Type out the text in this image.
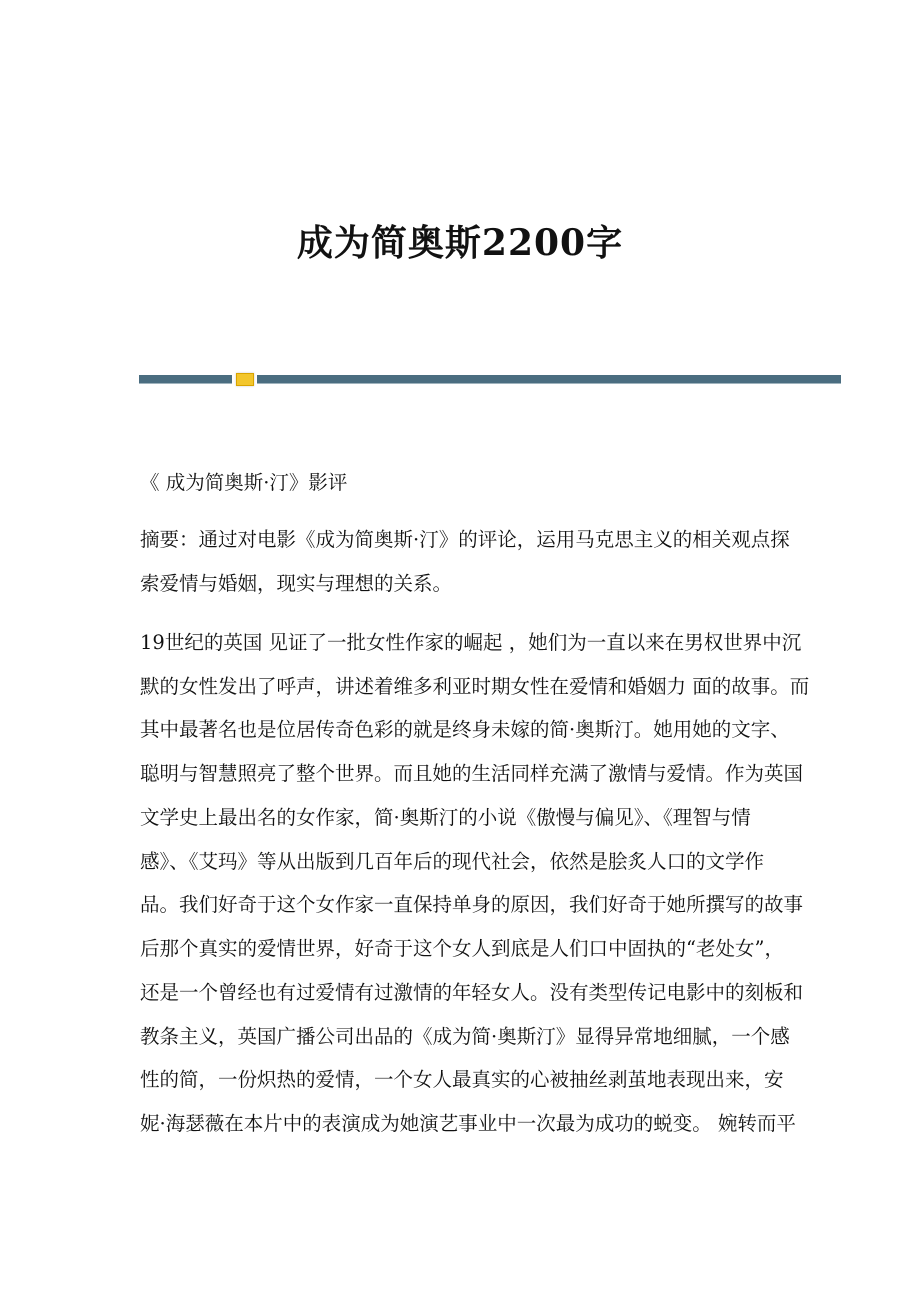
成为简奥斯2200字
《 成为简奥斯·汀》影评
摘要：通过对电影《成为简奥斯·汀》的评论，运用马克思主义的相关观点探
索爱情与婚姻，现实与理想的关系。
19世纪的英国 见证了一批女性作家的崛起 ，她们为一直以来在男权世界中沉
默的女性发出了呼声，讲述着维多利亚时期女性在爱情和婚姻力 面的故事。而
其中最著名也是位居传奇色彩的就是终身未嫁的简·奥斯汀。她用她的文字、
聪明与智慧照亮了整个世界。而且她的生活同样充满了激情与爱情。作为英国
文学史上最出名的女作家，简·奥斯汀的小说《傲慢与偏见》、《理智与情
感》、《艾玛》等从出版到几百年后的现代社会，依然是脍炙人口的文学作
品。我们好奇于这个女作家一直保持单身的原因，我们好奇于她所撰写的故事
后那个真实的爱情世界，好奇于这个女人到底是人们口中固执的“老处女”，
还是一个曾经也有过爱情有过激情的年轻女人。没有类型传记电影中的刻板和
教条主义，英国广播公司出品的《成为简·奥斯汀》显得异常地细腻，一个感
性的简，一份炽热的爱情，一个女人最真实的心被抽丝剥茧地表现出来，安
妮·海瑟薇在本片中的表演成为她演艺事业中一次最为成功的蜕变。 婉转而平
